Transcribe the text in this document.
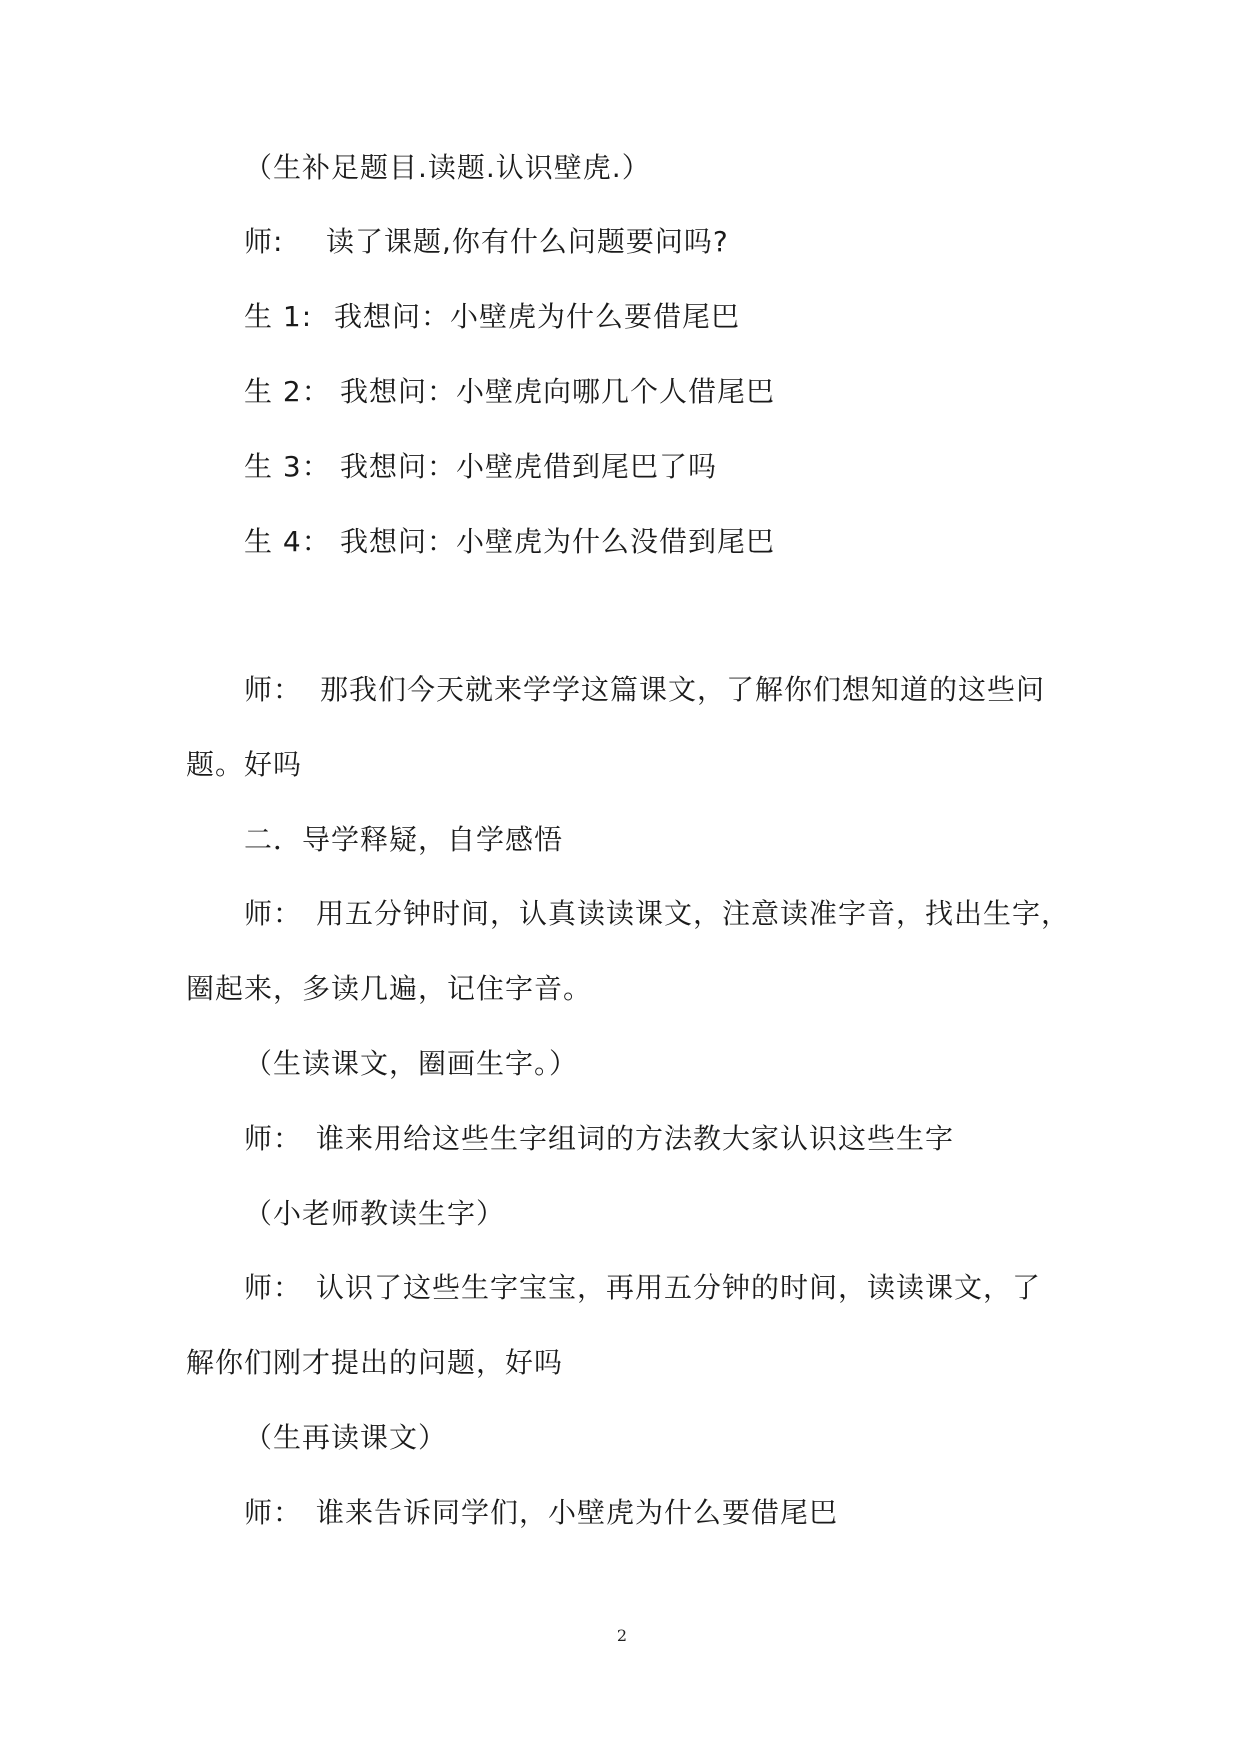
（生补足题目.读题.认识壁虎.）
师: 读了课题,你有什么问题要问吗?
生 1: 我想问：小壁虎为什么要借尾巴
生 2： 我想问：小壁虎向哪几个人借尾巴
生 3： 我想问：小壁虎借到尾巴了吗
生 4： 我想问：小壁虎为什么没借到尾巴
师： 那我们今天就来学学这篇课文，了解你们想知道的这些问
题。好吗
二．导学释疑，自学感悟
师： 用五分钟时间，认真读读课文，注意读准字音，找出生字，
圈起来，多读几遍，记住字音。
（生读课文，圈画生字。）
师： 谁来用给这些生字组词的方法教大家认识这些生字
（小老师教读生字）
师： 认识了这些生字宝宝，再用五分钟的时间，读读课文，了
解你们刚才提出的问题，好吗
（生再读课文）
师： 谁来告诉同学们，小壁虎为什么要借尾巴
2
